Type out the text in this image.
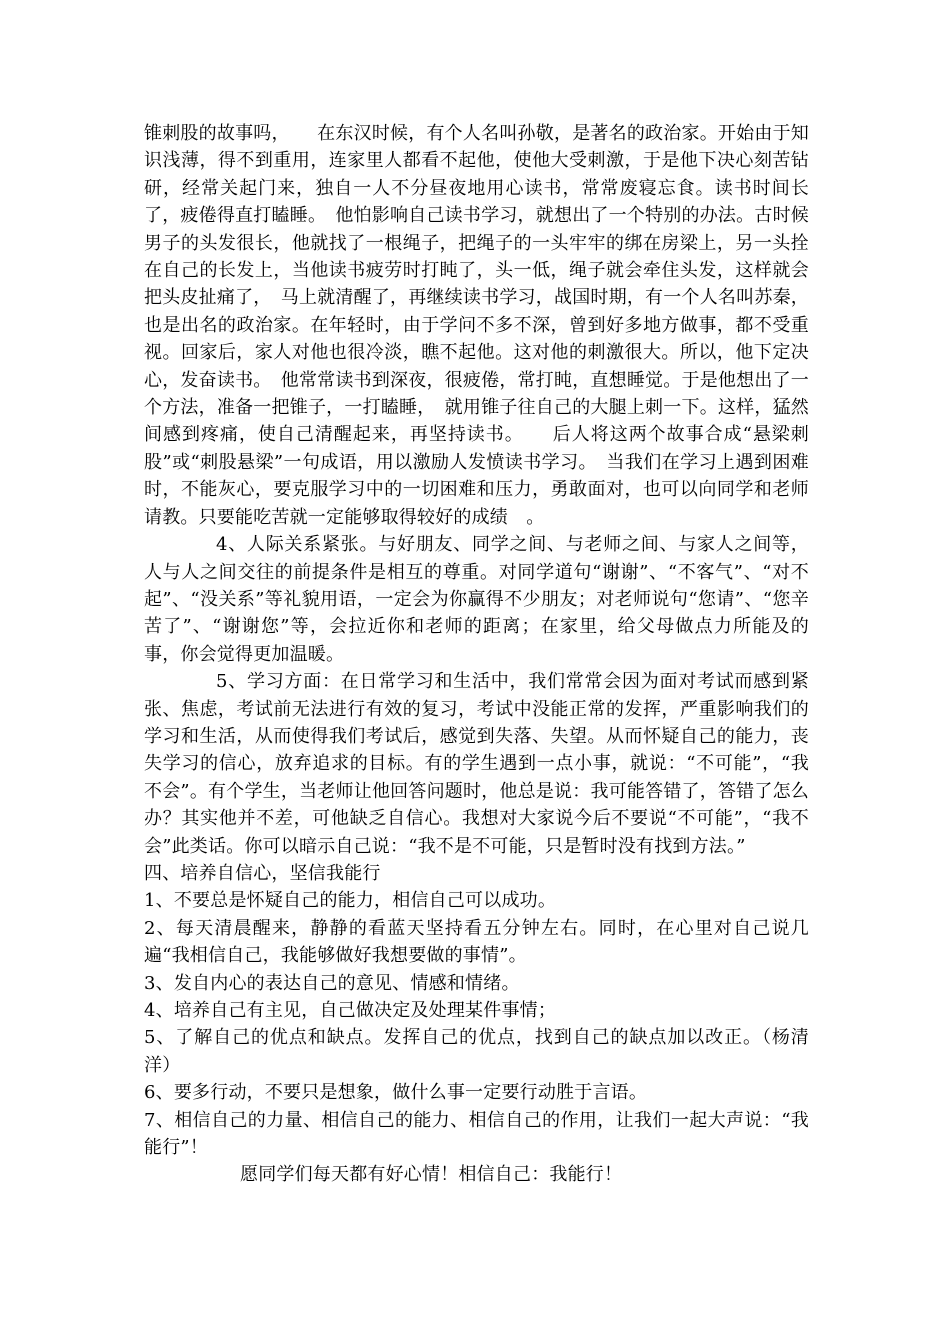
锥刺股的故事吗，　　在东汉时候，有个人名叫孙敬，是著名的政治家。开始由于知识浅薄，得不到重用，连家里人都看不起他，使他大受刺激，于是他下决心刻苦钻研，经常关起门来，独自一人不分昼夜地用心读书，常常废寝忘食。读书时间长了，疲倦得直打瞌睡。　他怕影响自己读书学习，就想出了一个特别的办法。古时候男子的头发很长，他就找了一根绳子，把绳子的一头牢牢的绑在房梁上，另一头拴在自己的长发上，当他读书疲劳时打盹了，头一低，绳子就会牵住头发，这样就会把头皮扯痛了，　马上就清醒了，再继续读书学习，战国时期，有一个人名叫苏秦，也是出名的政治家。在年轻时，由于学问不多不深，曾到好多地方做事，都不受重视。回家后，家人对他也很冷淡，瞧不起他。这对他的刺激很大。所以，他下定决心，发奋读书。　他常常读书到深夜，很疲倦，常打盹，直想睡觉。于是他想出了一个方法，准备一把锥子，一打瞌睡，　就用锥子往自己的大腿上刺一下。这样，猛然间感到疼痛，使自己清醒起来，再坚持读书。　　后人将这两个故事合成“悬梁刺股”或“刺股悬梁”一句成语，用以激励人发愤读书学习。　当我们在学习上遇到困难时，不能灰心，要克服学习中的一切困难和压力，勇敢面对，也可以向同学和老师请教。只要能吃苦就一定能够取得较好的成绩　。

4、人际关系紧张。与好朋友、同学之间、与老师之间、与家人之间等，人与人之间交往的前提条件是相互的尊重。对同学道句“谢谢”、“不客气”、“对不起”、“没关系”等礼貌用语，一定会为你赢得不少朋友；对老师说句“您请”、“您辛苦了”、“谢谢您”等，会拉近你和老师的距离；在家里，给父母做点力所能及的事，你会觉得更加温暖。

5、学习方面：在日常学习和生活中，我们常常会因为面对考试而感到紧张、焦虑，考试前无法进行有效的复习，考试中没能正常的发挥，严重影响我们的学习和生活，从而使得我们考试后，感觉到失落、失望。从而怀疑自己的能力，丧失学习的信心，放弃追求的目标。有的学生遇到一点小事，就说：“不可能”，“我不会”。有个学生，当老师让他回答问题时，他总是说：我可能答错了，答错了怎么办？其实他并不差，可他缺乏自信心。我想对大家说今后不要说“不可能”，“我不会”此类话。你可以暗示自己说：“我不是不可能，只是暂时没有找到方法。”

四、培养自信心，坚信我能行

1、不要总是怀疑自己的能力，相信自己可以成功。

2、每天清晨醒来，静静的看蓝天坚持看五分钟左右。同时，在心里对自己说几遍“我相信自己，我能够做好我想要做的事情”。

3、发自内心的表达自己的意见、情感和情绪。

4、培养自己有主见，自己做决定及处理某件事情；

5、了解自己的优点和缺点。发挥自己的优点，找到自己的缺点加以改正。（杨清洋）

6、要多行动，不要只是想象，做什么事一定要行动胜于言语。

7、相信自己的力量、相信自己的能力、相信自己的作用，让我们一起大声说：“我能行”！

愿同学们每天都有好心情！相信自己：我能行！
